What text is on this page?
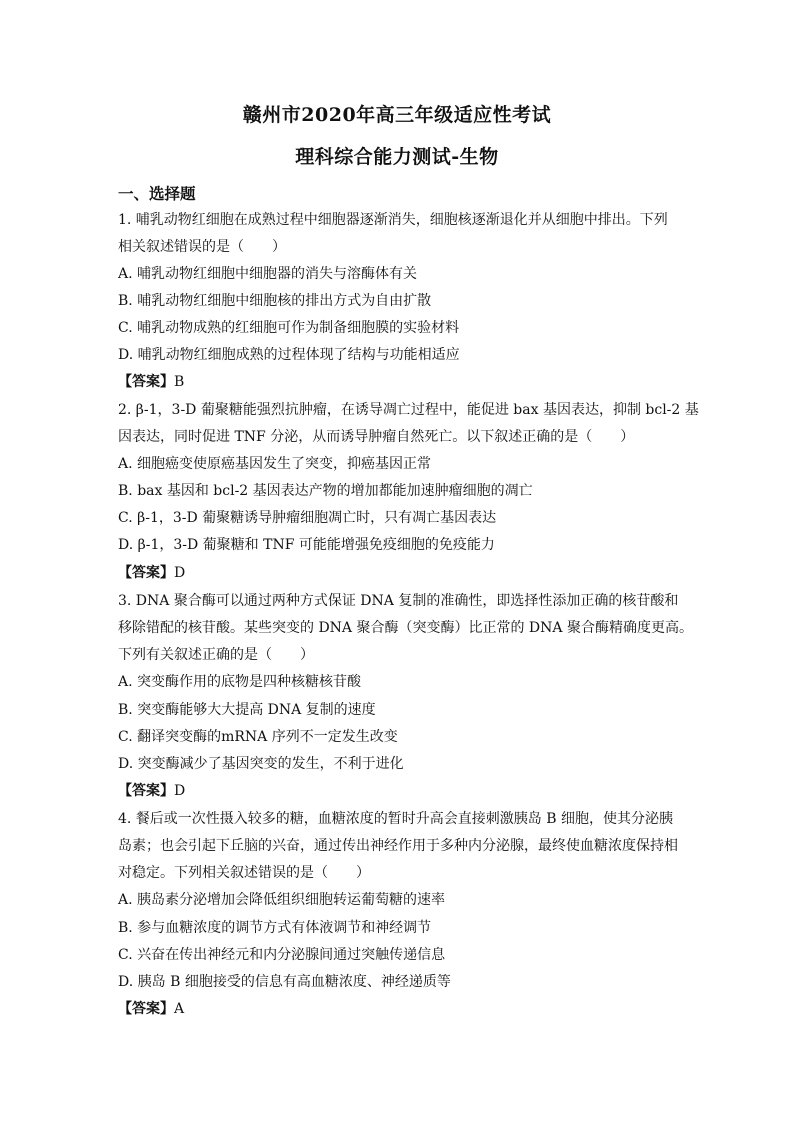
赣州市2020年高三年级适应性考试
理科综合能力测试-生物
一、选择题
1. 哺乳动物红细胞在成熟过程中细胞器逐渐消失，细胞核逐渐退化并从细胞中排出。下列
相关叙述错误的是（　　）
A. 哺乳动物红细胞中细胞器的消失与溶酶体有关
B. 哺乳动物红细胞中细胞核的排出方式为自由扩散
C. 哺乳动物成熟的红细胞可作为制备细胞膜的实验材料
D. 哺乳动物红细胞成熟的过程体现了结构与功能相适应
【答案】B
2. β-1，3-D 葡聚糖能强烈抗肿瘤，在诱导凋亡过程中，能促进 bax 基因表达，抑制 bcl-2 基
因表达，同时促进 TNF 分泌，从而诱导肿瘤自然死亡。以下叙述正确的是（　　）
A. 细胞癌变使原癌基因发生了突变，抑癌基因正常
B. bax 基因和 bcl-2 基因表达产物的增加都能加速肿瘤细胞的凋亡
C. β-1，3-D 葡聚糖诱导肿瘤细胞凋亡时，只有凋亡基因表达
D. β-1，3-D 葡聚糖和 TNF 可能能增强免疫细胞的免疫能力
【答案】D
3. DNA 聚合酶可以通过两种方式保证 DNA 复制的准确性，即选择性添加正确的核苷酸和
移除错配的核苷酸。某些突变的 DNA 聚合酶（突变酶）比正常的 DNA 聚合酶精确度更高。
下列有关叙述正确的是（　　）
A. 突变酶作用的底物是四种核糖核苷酸
B. 突变酶能够大大提高 DNA 复制的速度
C. 翻译突变酶的mRNA 序列不一定发生改变
D. 突变酶减少了基因突变的发生，不利于进化
【答案】D
4. 餐后或一次性摄入较多的糖，血糖浓度的暂时升高会直接刺激胰岛 B 细胞，使其分泌胰
岛素；也会引起下丘脑的兴奋，通过传出神经作用于多种内分泌腺，最终使血糖浓度保持相
对稳定。下列相关叙述错误的是（　　）
A. 胰岛素分泌增加会降低组织细胞转运葡萄糖的速率
B. 参与血糖浓度的调节方式有体液调节和神经调节
C. 兴奋在传出神经元和内分泌腺间通过突触传递信息
D. 胰岛 B 细胞接受的信息有高血糖浓度、神经递质等
【答案】A
